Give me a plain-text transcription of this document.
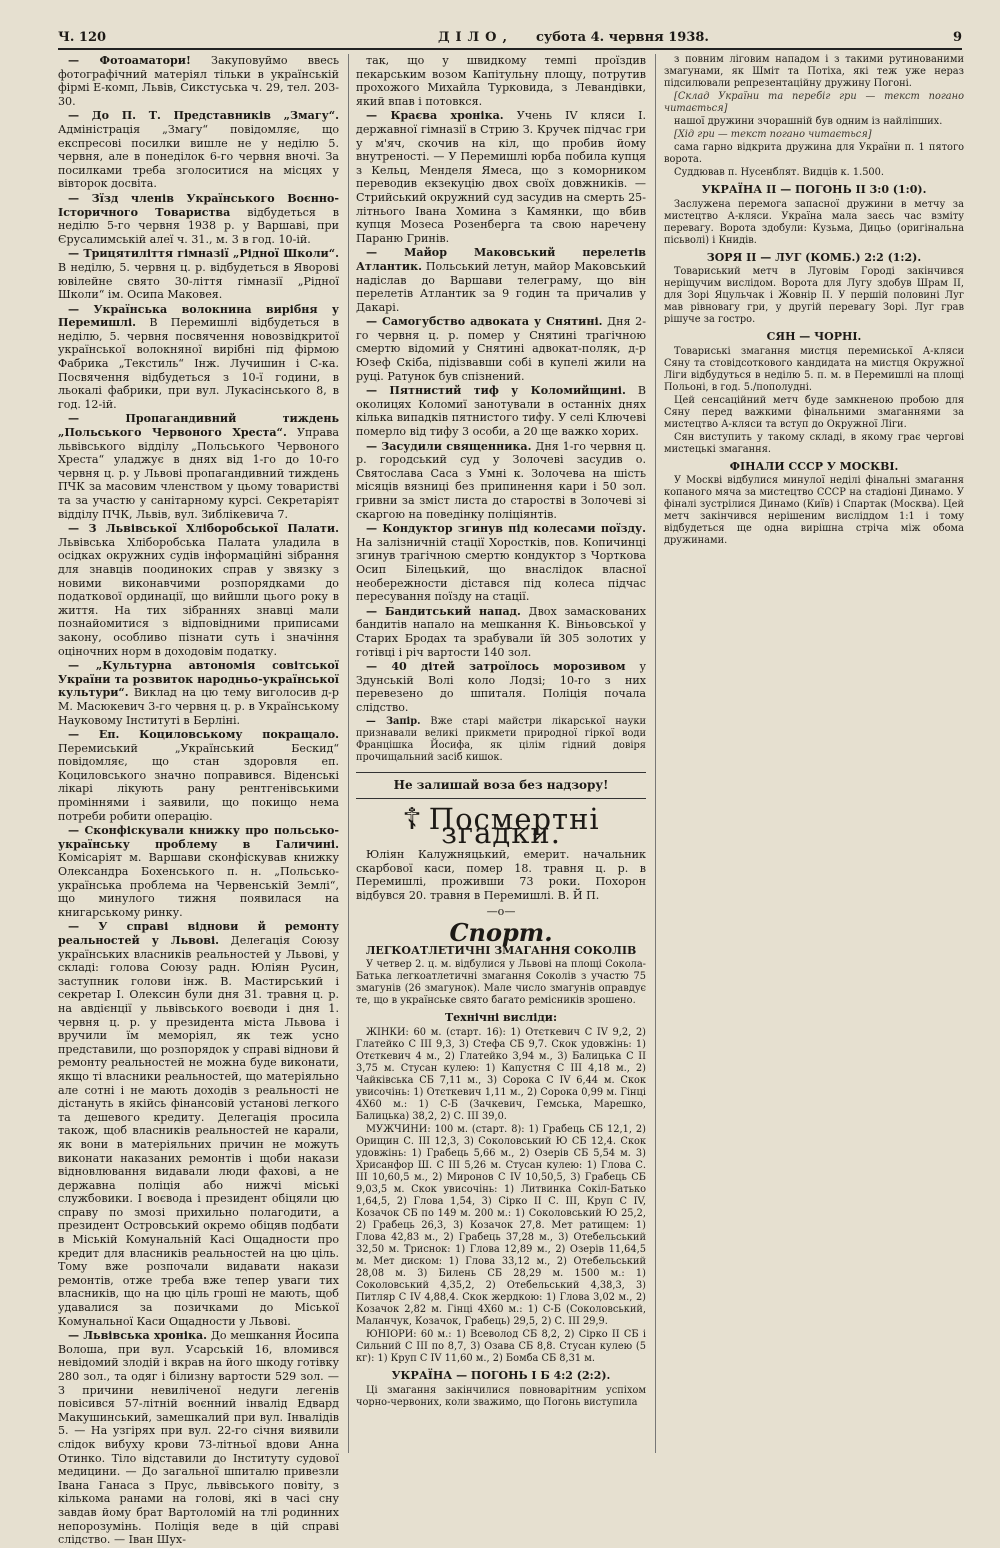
Ч. 120	ДІЛО, субота 4. червня 1938.	9

— Фотоаматори! Закуповуймо ввесь фотографічний матеріял тільки в українській фірмі Е-комп, Львів, Сикстуська ч. 29, тел. 203-30.

— До П. Т. Представників „Змагу“. Адміністрація „Змагу“ повідомляє, що експресові посилки вишле не у неділю 5. червня, але в понеділок 6-го червня вночі. За посилками треба зголоситися на місцях у вівторок досвіта.

— Зїзд членів Українського Воєнно-Історичного Товариства відбудеться в неділю 5-го червня 1938 р. у Варшаві, при Єрусалимській алеї ч. 31., м. 3 в год. 10-ій.

— Трицятиліття гімназії „Рідної Школи“. В неділю, 5. червня ц. р. відбудеться в Яворові ювілейне свято 30-ліття гімназії „Рідної Школи“ ім. Осипа Маковея.

— Українська волокнина вирібня у Перемишлі. В Перемишлі відбудеться в неділю, 5. червня посвячення новозвідкритої української волокняної вирібні під фірмою Фабрика „Текстиль“ Інж. Лучишин і С-ка. Посвячення відбудеться з 10-ї години, в льокалі фабрики, при вул. Лукасінського 8, в год. 12-ій.

— Пропагандивний тиждень „Польського Червоного Хреста“. Управа львівського відділу „Польського Червоного Хреста“ уладжує в днях від 1-го до 10-го червня ц. р. у Львові пропагандивний тиждень ПЧК за масовим членством у цьому товаристві та за участю у санітарному курсі. Секретаріят відділу ПЧК, Львів, вул. Зиблікевича 7.

— З Львівської Хліборобської Палати. Львівська Хліборобська Палата уладила в осідках окружних судів інформаційні зібрання для знавців поодиноких справ у звязку з новими виконавчими розпорядками до податкової ординації, що вийшли цього року в життя. На тих зібраннях знавці мали познайомитися з відповідними приписами закону, особливо пізнати суть і значіння оціночних норм в доходовім податку.

— „Культурна автономія совітської України та розвиток народньо-української культури“. Виклад на цю тему виголосив д-р М. Масюкевич 3-го червня ц. р. в Українському Науковому Інституті в Берліні.

— Еп. Коциловському покращало. Перемиський „Український Бескид“ повідомляє, що стан здоровля еп. Коциловського значно поправився. Віденські лікарі лікують рану рентгенівськими проміннями і заявили, що покищо нема потреби робити операцію.

— Сконфіскували книжку про польсько-українську проблему в Галичині. Комісаріят м. Варшави сконфіскував книжку Олександра Бохенського п. н. „Польсько-українська проблема на Червенській Землі“, що минулого тижня появилася на книгарському ринку.

— У справі віднови й ремонту реальностей у Львові. Делегація Союзу українських власників реальностей у Львові, у складі: голова Союзу радн. Юліян Русин, заступник голови інж. В. Мастирський і секретар І. Олексин були дня 31. травня ц. р. на авдієнції у львівського воєводи і дня 1. червня ц. р. у президента міста Львова і вручили їм меморіял, як теж усно представили, що розпорядок у справі віднови й ремонту реальностей не можна буде виконати, якщо ті власники реальностей, що матеріяльно але сотні і не мають доходів з реальності не дістануть в якійсь фінансовій установі легкого та дешевого кредиту. Делегація просила також, щоб власників реальностей не карали, як вони в матеріяльних причин не можуть виконати наказаних ремонтів і щоби накази відновлювання видавали люди фахові, а не державна поліція або нижчі міські службовики. І воєвода і президент обіцяли цю справу по змозі прихильно полагодити, а президент Островський окремо обіцяв подбати в Міській Комунальній Касі Ощадности про кредит для власників реальностей на цю ціль. Тому вже розпочали видавати накази ремонтів, отже треба вже тепер уваги тих власників, що на цю ціль гроші не мають, щоб удавалися за позичками до Міської Комунальної Каси Ощадности у Львові.

— Львівська хроніка. До мешкання Йосипа Волоша, при вул. Усарській 16, вломився невідомий злодій і вкрав на його шкоду готівку 280 зол., та одяг і білизну вартости 529 зол. — З причини невиліченої недуги легенів повісився 57-літній воєнний інвалід Едвард Макушинський, замешкалий при вул. Інвалідів 5. — На узгірях при вул. 22-го січня виявили слідок вибуху крови 73-літньої вдови Анна Отинко. Тіло відставили до Інституту судової медицини. — До загальної шпиталю привезли Івана Ганаса з Прус, львівського повіту, з кількома ранами на голові, які в часі сну завдав йому брат Вартоломій на тлі родинних непорозумінь. Поліція веде в цій справі слідство. — Іван Шух-

так, що у швидкому темпі проїздив пекарським возом Капітульну площу, потрутив прохожого Михайла Турковида, з Левандівки, який впав і потовкся.

— Краєва хроніка. Учень IV кляси І. державної гімназії в Стрию З. Кручек підчас гри у м'яч, скочив на кіл, що пробив йому внутреності. — У Перемишлі юрба побила купця з Кельц, Менделя Ямеса, що з коморником переводив екзекуцію двох своїх довжників. — Стрийський окружний суд засудив на смерть 25-літнього Івана Хомина з Камянки, що вбив купця Мозеса Розенберга та свою наречену Параню Гринів.

— Майор Маковський перелетів Атлантик. Польський летун, майор Маковський надіслав до Варшави телеграму, що він перелетів Атлантик за 9 годин та причалив у Дакарі.

— Самогубство адвоката у Снятині. Дня 2-го червня ц. р. помер у Снятині трагічною смертю відомий у Снятині адвокат-поляк, д-р Юзеф Скіба, підізвавши собі в купелі жили на руці. Ратунок був спізнений.

— Пятнистий тиф у Коломийщині. В околицях Коломиї занотували в останніх днях кілька випадків пятнистого тифу. У селі Ключеві померло від тифу 3 особи, а 20 ще важко хорих.

— Засудили священника. Дня 1-го червня ц. р. городський суд у Золочеві засудив о. Святослава Саса з Умні к. Золочева на шість місяців вязниці без припинення кари і 50 зол. гривни за зміст листа до старостві в Золочеві зі скаргою на поведінку поліціянтів.

— Кондуктор згинув під колесами поїзду. На залізничній стації Хоростків, пов. Копичинці згинув трагічною смертю кондуктор з Чорткова Осип Білецький, що внаслідок власної необережности дістався під колеса підчас пересування поїзду на стації.

— Бандитський напад. Двох замаскованих бандитів напало на мешкання К. Віньовської у Старих Бродах та зрабували їй 305 золотих у готівці і річ вартости 140 зол.

— 40 дітей затроїлось морозивом у Здунській Волі коло Лодзі; 10-го з них перевезено до шпиталя. Поліція почала слідство.

— Запір. Вже старі майстри лікарської науки признавали великі прикмети природної гіркої води Францішка Йосифа, як цілім гідний довіря прочищальний засіб кишок.

Не залишай воза без надзору!
☦ Посмертні згадки.

Юліян Калужняцький, емерит. начальник скарбової каси, помер 18. травня ц. р. в Перемишлі, проживши 73 роки. Похорон відбувся 20. травня в Перемишлі. В. Й П.

—o—
Спорт.
ЛЕГКОАТЛЕТИЧНІ ЗМАГАННЯ СОКОЛІВ

У четвер 2. ц. м. відбулися у Львові на площі Сокола-Батька легкоатлетичні змагання Соколів з участю 75 змагунів (26 змагунок). Мале число змагунів оправдує те, що в українське свято багато ремісників зрошено.

Технічні висліди:

ЖІНКИ: 60 м. (старт. 16): 1) Отєткевич С IV 9,2, 2) Глатейко С III 9,3, 3) Стефа СБ 9,7. Скок удовжінь: 1) Отєткевич 4 м., 2) Глатейко 3,94 м., 3) Балицька С II 3,75 м. Стусан кулею: 1) Капустня С III 4,18 м., 2) Чайківська СБ 7,11 м., 3) Сорока С IV 6,44 м. Скок увисочінь: 1) Отєткевич 1,11 м., 2) Сорока 0,99 м. Гінці 4X60 м.: 1) С-Б (Зачкевич, Гемська, Марешко, Балицька) 38,2, 2) С. III 39,0.

МУЖЧИНИ: 100 м. (старт. 8): 1) Грабець СБ 12,1, 2) Орищин С. III 12,3, 3) Соколовський Ю СБ 12,4. Скок удовжінь: 1) Грабець 5,66 м., 2) Озерів СБ 5,54 м. 3) Хрисанфор Ш. С III 5,26 м. Стусан кулею: 1) Глова С. III 10,60,5 м., 2) Миронов С IV 10,50,5, 3) Грабець СБ 9,03,5 м. Скок увисочінь: 1) Литвинка Сокіл-Батько 1,64,5, 2) Глова 1,54, 3) Сірко ІІ С. III, Круп С IV, Козачок СБ по 149 м. 200 м.: 1) Соколовський Ю 25,2, 2) Грабець 26,3, 3) Козачок 27,8. Мет ратищем: 1) Глова 42,83 м., 2) Грабець 37,28 м., 3) Отебельський 32,50 м. Триснок: 1) Глова 12,89 м., 2) Озерів 11,64,5 м. Мет диском: 1) Глова 33,12 м., 2) Отебельський 28,08 м. 3) Билень СБ 28,29 м. 1500 м.: 1) Соколовський 4,35,2, 2) Отебельський 4,38,3, 3) Питляр С IV 4,88,4. Скок жердкою: 1) Глова 3,02 м., 2) Козачок 2,82 м. Гінці 4X60 м.: 1) С-Б (Соколовський, Маланчук, Козачок, Грабець) 29,5, 2) С. III 29,9.

ЮНІОРИ: 60 м.: 1) Всеволод СБ 8,2, 2) Сірко II СБ і Сильний С III по 8,7, 3) Озава СБ 8,8. Стусан кулею (5 кг): 1) Круп С IV 11,60 м., 2) Бомба СБ 8,31 м.

УКРАЇНА — ПОГОНЬ І Б 4:2 (2:2).

Ці змагання закінчилися повноварітним успіхом чорно-червоних, коли зважимо, що Погонь виступила

з повним ліговим нападом і з такими рутинованими змагунами, як Шміт та Потіха, які теж уже нераз підсилювали репрезентаційну дружину Погоні.

[Склад України та перебіг гри — текст погано читається]

нашої дружини зчорашній був одним із найліпших.

[Хід гри — текст погано читається]

сама гарно відкрита дружина для України п. 1 пятого ворота.

Суддював п. Нусенблят. Видців к. 1.500.

УКРАЇНА II — ПОГОНЬ II 3:0 (1:0).

Заслужена перемога запасної дружини в метчу за мистецтво А-кляси. Україна мала заєсь час взміту перевагу. Ворота здобули: Кузьма, Дицьо (оригінальна пісьволі) і Книдів.

ЗОРЯ II — ЛУГ (КОМБ.) 2:2 (1:2).

Товариський метч в Луговім Городі закінчився неріщучим вислідом. Ворота для Лугу здобув Шрам II, для Зорі Яцульчак і Жовнір II. У першій половині Луг мав рівновагу гри, у другій перевагу Зорі. Луг грав рішуче за гостро.

СЯН — ЧОРНІ.

Товариські змагання мистця перемиської А-кляси Сяну та стовідсоткового кандидата на мистця Окружної Ліги відбудуться в неділю 5. п. м. в Перемишлі на площі Польоні, в год. 5./пополудні.

Цей сенсаційний метч буде замкненою пробою для Сяну перед важкими фінальними змаганнями за мистецтво А-кляси та вступ до Окружної Ліги.

Сян виступить у такому складі, в якому грає чергові мистецькі змагання.

ФІНАЛИ СССР У МОСКВІ.

У Москві відбулися минулої неділі фінальні змагання копаного мяча за мистецтво СССР на стадіоні Динамо. У фіналі зустрілися Динамо (Київ) і Спартак (Москва). Цей метч закінчився нерішеним висліддом 1:1 і тому відбудеться ще одна вирішна стріча між обома дружинами.
